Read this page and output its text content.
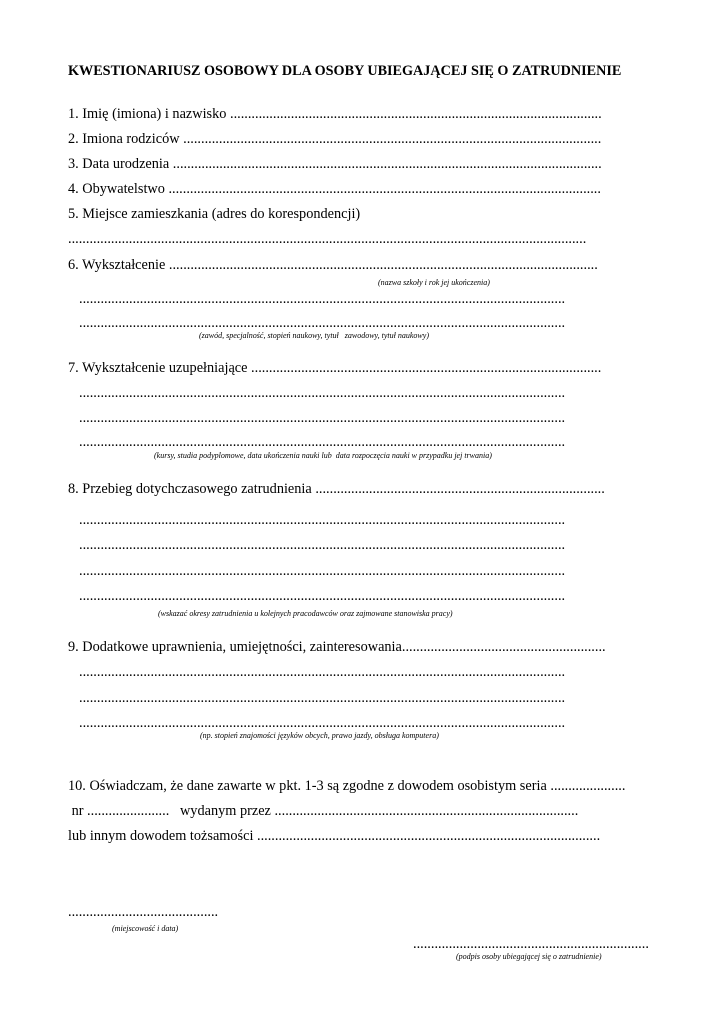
KWESTIONARIUSZ OSOBOWY DLA OSOBY UBIEGAJĄCEJ SIĘ O ZATRUDNIENIE
1. Imię (imiona) i nazwisko ........................................................................................................
2. Imiona rodziców .....................................................................................................................
3. Data urodzenia ........................................................................................................................
4. Obywatelstwo .........................................................................................................................
5. Miejsce zamieszkania (adres do korespondencji)
.................................................................................................................................................
6. Wykształcenie ........................................................................................................................
(nazwa szkoły i rok jej ukończenia)
........................................................................................................................................
........................................................................................................................................
(zawód, specjalność, stopień naukowy, tytuł   zawodowy, tytuł naukowy)
7. Wykształcenie uzupełniające ..................................................................................................
........................................................................................................................................
........................................................................................................................................
........................................................................................................................................
(kursy, studia podyplomowe, data ukończenia nauki lub  data rozpoczęcia nauki w przypadku jej trwania)
8. Przebieg dotychczasowego zatrudnienia .................................................................................
........................................................................................................................................
........................................................................................................................................
........................................................................................................................................
........................................................................................................................................
(wskazać okresy zatrudnienia u kolejnych pracodawców oraz zajmowane stanowiska pracy)
9. Dodatkowe uprawnienia, umiejętności, zainteresowania.........................................................
........................................................................................................................................
........................................................................................................................................
........................................................................................................................................
(np. stopień znajomości języków obcych, prawo jazdy, obsługa komputera)
10. Oświadczam, że dane zawarte w pkt. 1-3 są zgodne z dowodem osobistym seria .....................
nr .......................   wydanym przez .....................................................................................
lub innym dowodem tożsamości ................................................................................................
..........................................
(miejscowość i data)
..................................................................
(podpis osoby ubiegającej się o zatrudnienie)
